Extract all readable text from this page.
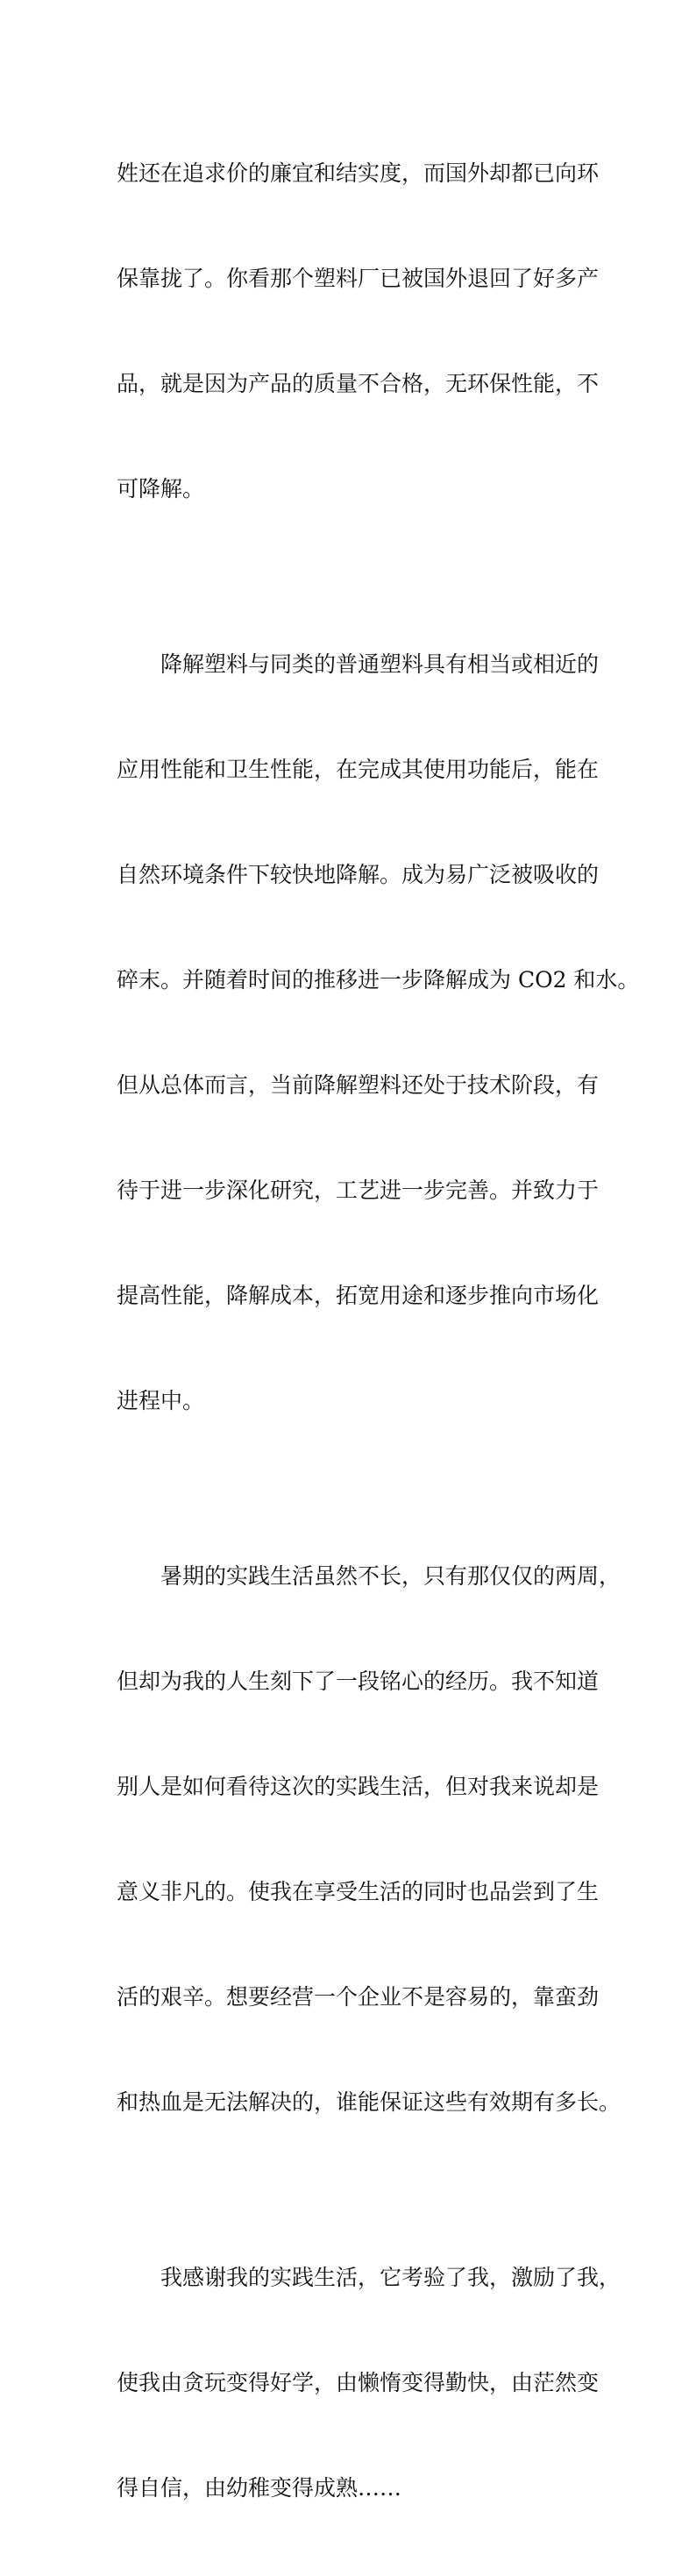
姓还在追求价的廉宜和结实度，而国外却都已向环

保靠拢了。你看那个塑料厂已被国外退回了好多产

品，就是因为产品的质量不合格，无环保性能，不

可降解。

降解塑料与同类的普通塑料具有相当或相近的

应用性能和卫生性能，在完成其使用功能后，能在

自然环境条件下较快地降解。成为易广泛被吸收的

碎末。并随着时间的推移进一步降解成为 CO2 和水。

但从总体而言，当前降解塑料还处于技术阶段，有

待于进一步深化研究，工艺进一步完善。并致力于

提高性能，降解成本，拓宽用途和逐步推向市场化

进程中。

暑期的实践生活虽然不长，只有那仅仅的两周，

但却为我的人生刻下了一段铭心的经历。我不知道

别人是如何看待这次的实践生活，但对我来说却是

意义非凡的。使我在享受生活的同时也品尝到了生

活的艰辛。想要经营一个企业不是容易的，靠蛮劲

和热血是无法解决的，谁能保证这些有效期有多长。

我感谢我的实践生活，它考验了我，激励了我，

使我由贪玩变得好学，由懒惰变得勤快，由茫然变

得自信，由幼稚变得成熟……
